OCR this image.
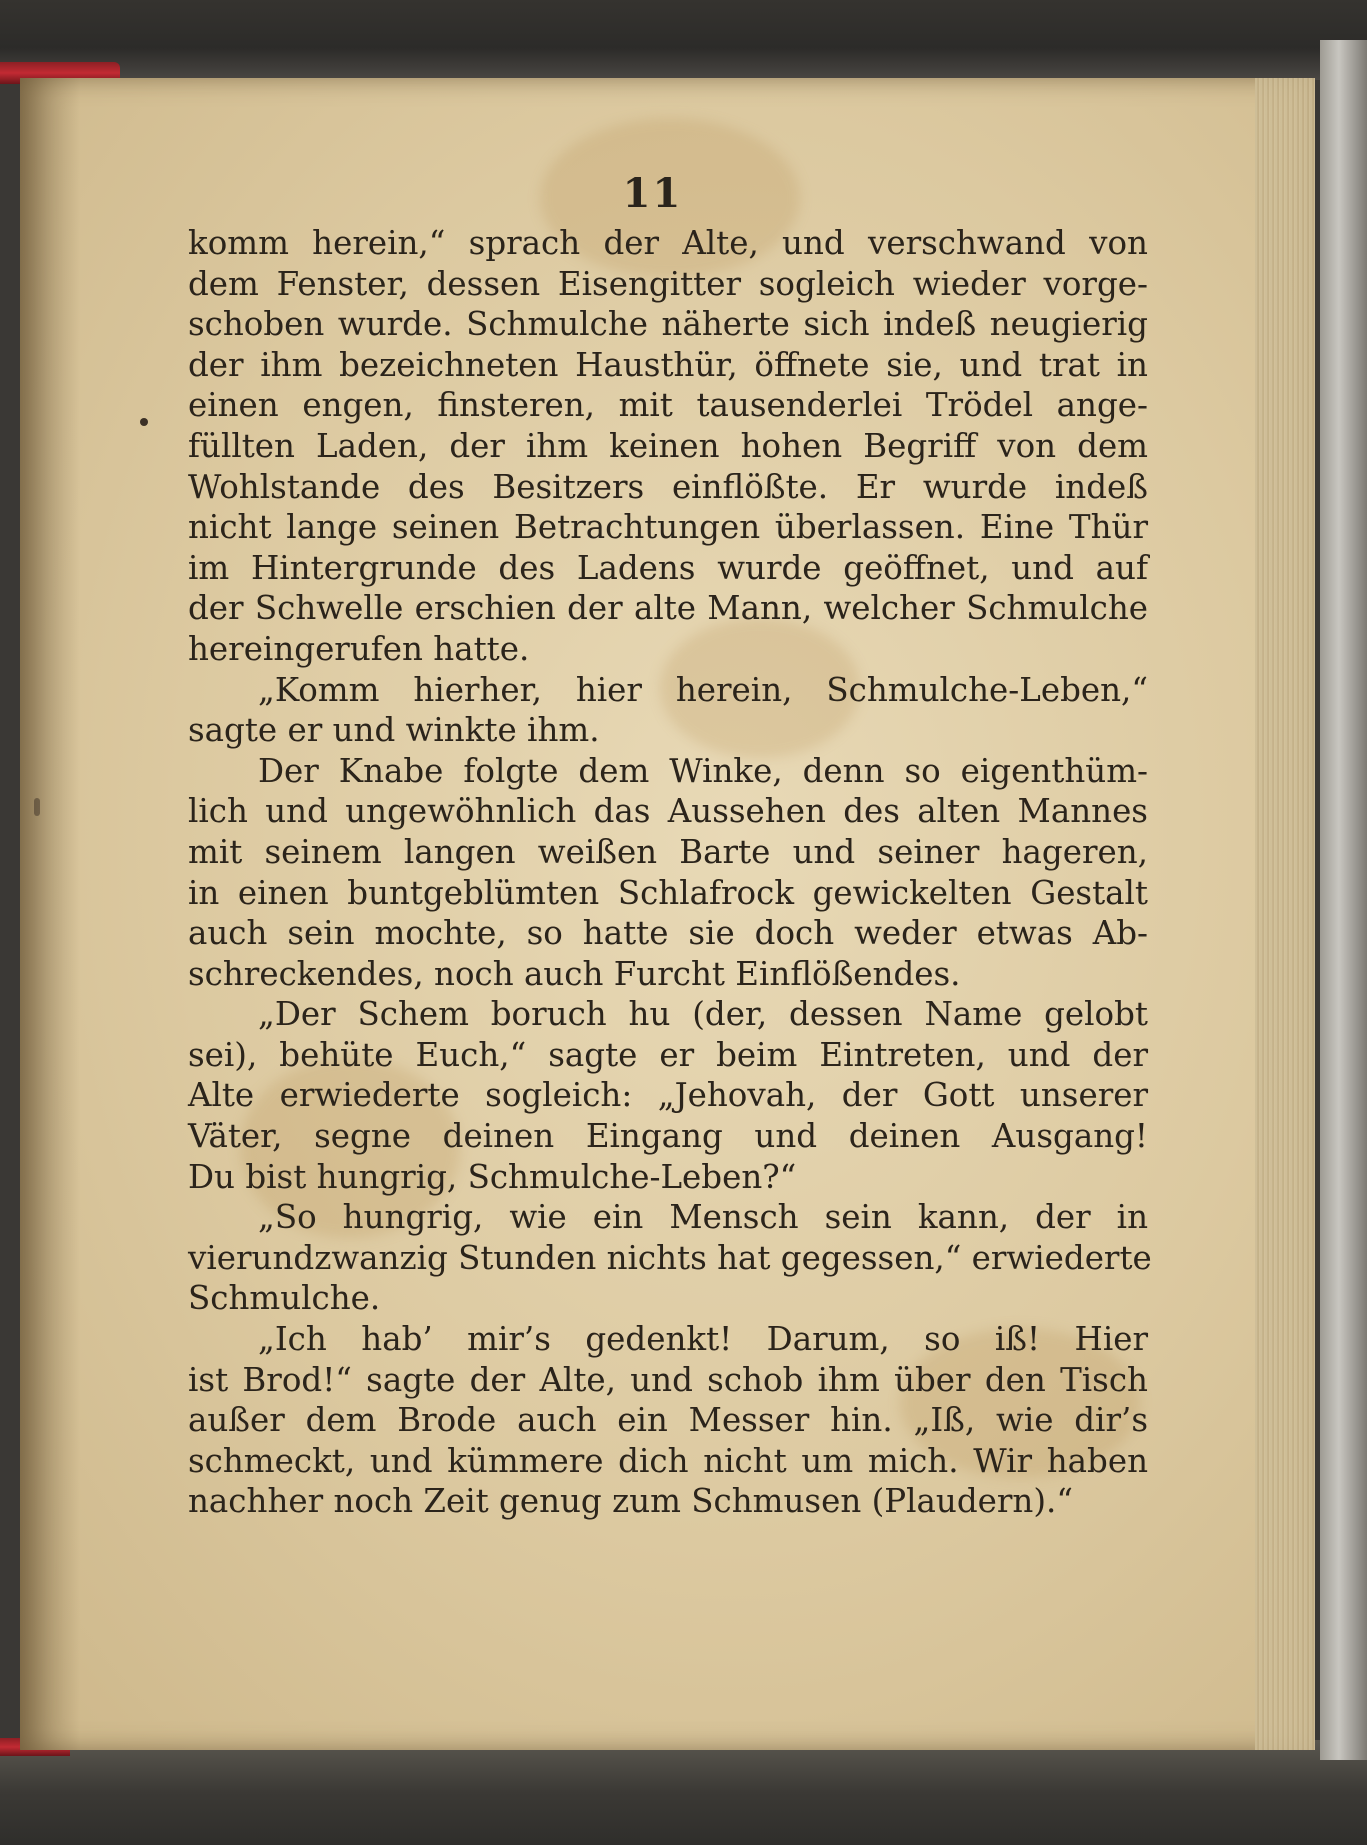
11
komm herein,“ sprach der Alte, und verschwand von
dem Fenster, dessen Eisengitter sogleich wieder vorge-
schoben wurde. Schmulche näherte sich indeß neugierig
der ihm bezeichneten Hausthür, öffnete sie, und trat in
einen engen, finsteren, mit tausenderlei Trödel ange-
füllten Laden, der ihm keinen hohen Begriff von dem
Wohlstande des Besitzers einflößte. Er wurde indeß
nicht lange seinen Betrachtungen überlassen. Eine Thür
im Hintergrunde des Ladens wurde geöffnet, und auf
der Schwelle erschien der alte Mann, welcher Schmulche
hereingerufen hatte.
„Komm hierher, hier herein, Schmulche-Leben,“
sagte er und winkte ihm.
Der Knabe folgte dem Winke, denn so eigenthüm-
lich und ungewöhnlich das Aussehen des alten Mannes
mit seinem langen weißen Barte und seiner hageren,
in einen buntgeblümten Schlafrock gewickelten Gestalt
auch sein mochte, so hatte sie doch weder etwas Ab-
schreckendes, noch auch Furcht Einflößendes.
„Der Schem boruch hu (der, dessen Name gelobt
sei), behüte Euch,“ sagte er beim Eintreten, und der
Alte erwiederte sogleich: „Jehovah, der Gott unserer
Väter, segne deinen Eingang und deinen Ausgang!
Du bist hungrig, Schmulche-Leben?“
„So hungrig, wie ein Mensch sein kann, der in
vierundzwanzig Stunden nichts hat gegessen,“ erwiederte
Schmulche.
„Ich hab’ mir’s gedenkt! Darum, so iß! Hier
ist Brod!“ sagte der Alte, und schob ihm über den Tisch
außer dem Brode auch ein Messer hin. „Iß, wie dir’s
schmeckt, und kümmere dich nicht um mich. Wir haben
nachher noch Zeit genug zum Schmusen (Plaudern).“
